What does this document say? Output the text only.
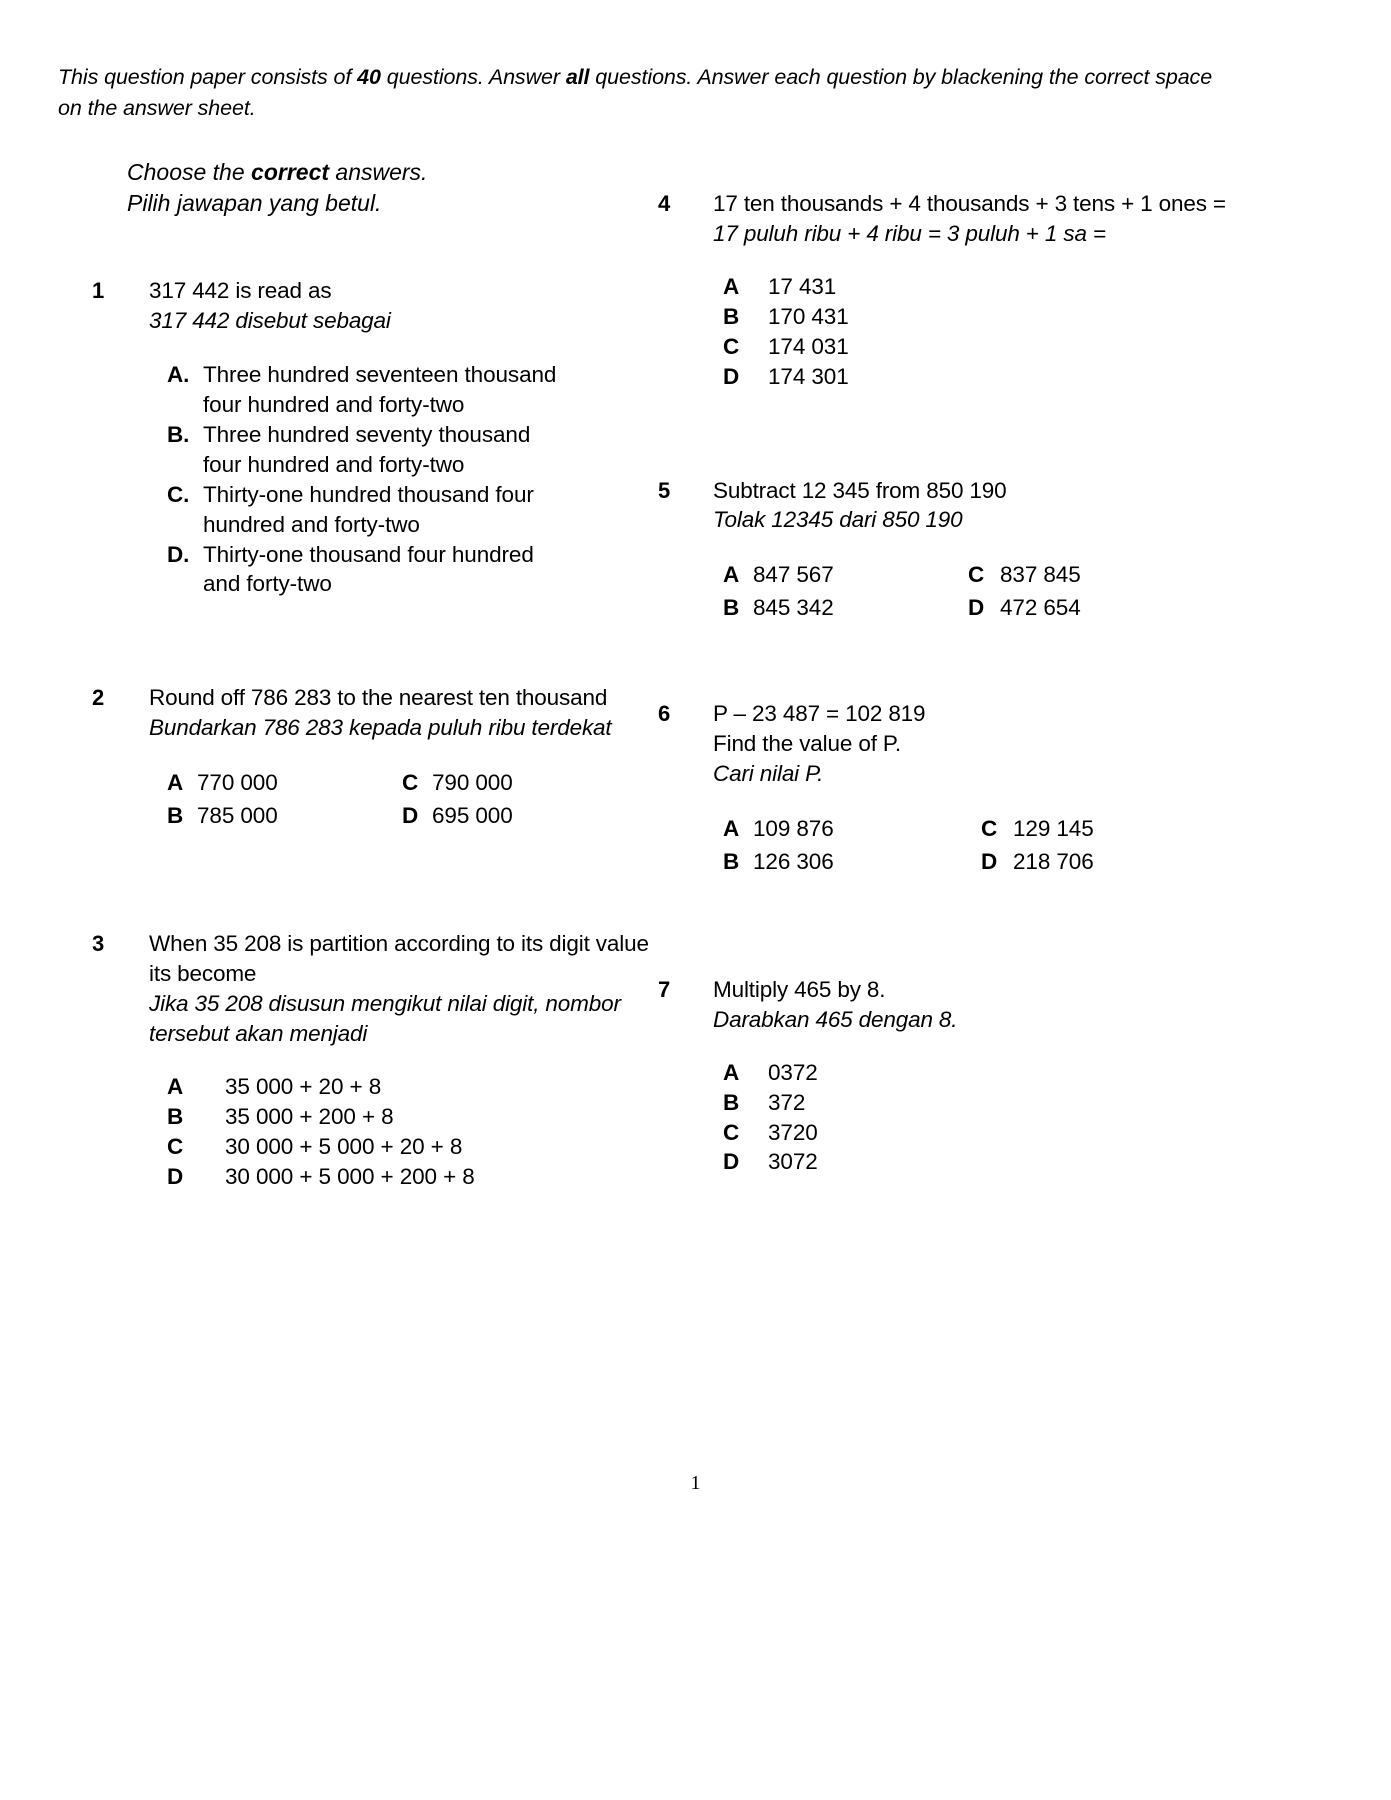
This question paper consists of 40 questions. Answer all questions. Answer each question by blackening the correct space on the answer sheet.

Choose the correct answers.
Pilih jawapan yang betul.

1	317 442 is read as
317 442 disebut sebagai
A. Three hundred seventeen thousand four hundred and forty-two
B. Three hundred seventy thousand four hundred and forty-two
C. Thirty-one hundred thousand four hundred and forty-two
D. Thirty-one thousand four hundred and forty-two
2	Round off 786 283 to the nearest ten thousand
Bundarkan 786 283 kepada puluh ribu terdekat
A 770 000	C 790 000
B 785 000	D 695 000
3	When 35 208 is partition according to its digit value its become
Jika 35 208 disusun mengikut nilai digit, nombor tersebut akan menjadi
A	35 000 + 20 + 8
B	35 000 + 200 + 8
C	30 000 + 5 000 + 20 + 8
D	30 000 + 5 000 + 200 + 8
4	17 ten thousands + 4 thousands + 3 tens + 1 ones =
17 puluh ribu + 4 ribu = 3 puluh + 1 sa =
A	17 431
B	170 431
C	174 031
D	174 301
5	Subtract 12 345 from 850 190
Tolak 12345 dari 850 190
A 847 567	C 837 845
B 845 342	D 472 654
6	P – 23 487 = 102 819
Find the value of P.
Cari nilai P.
A 109 876	C 129 145
B 126 306	D 218 706
7	Multiply 465 by 8.
Darabkan 465 dengan 8.
A	0372
B	372
C	3720
D	3072
1
